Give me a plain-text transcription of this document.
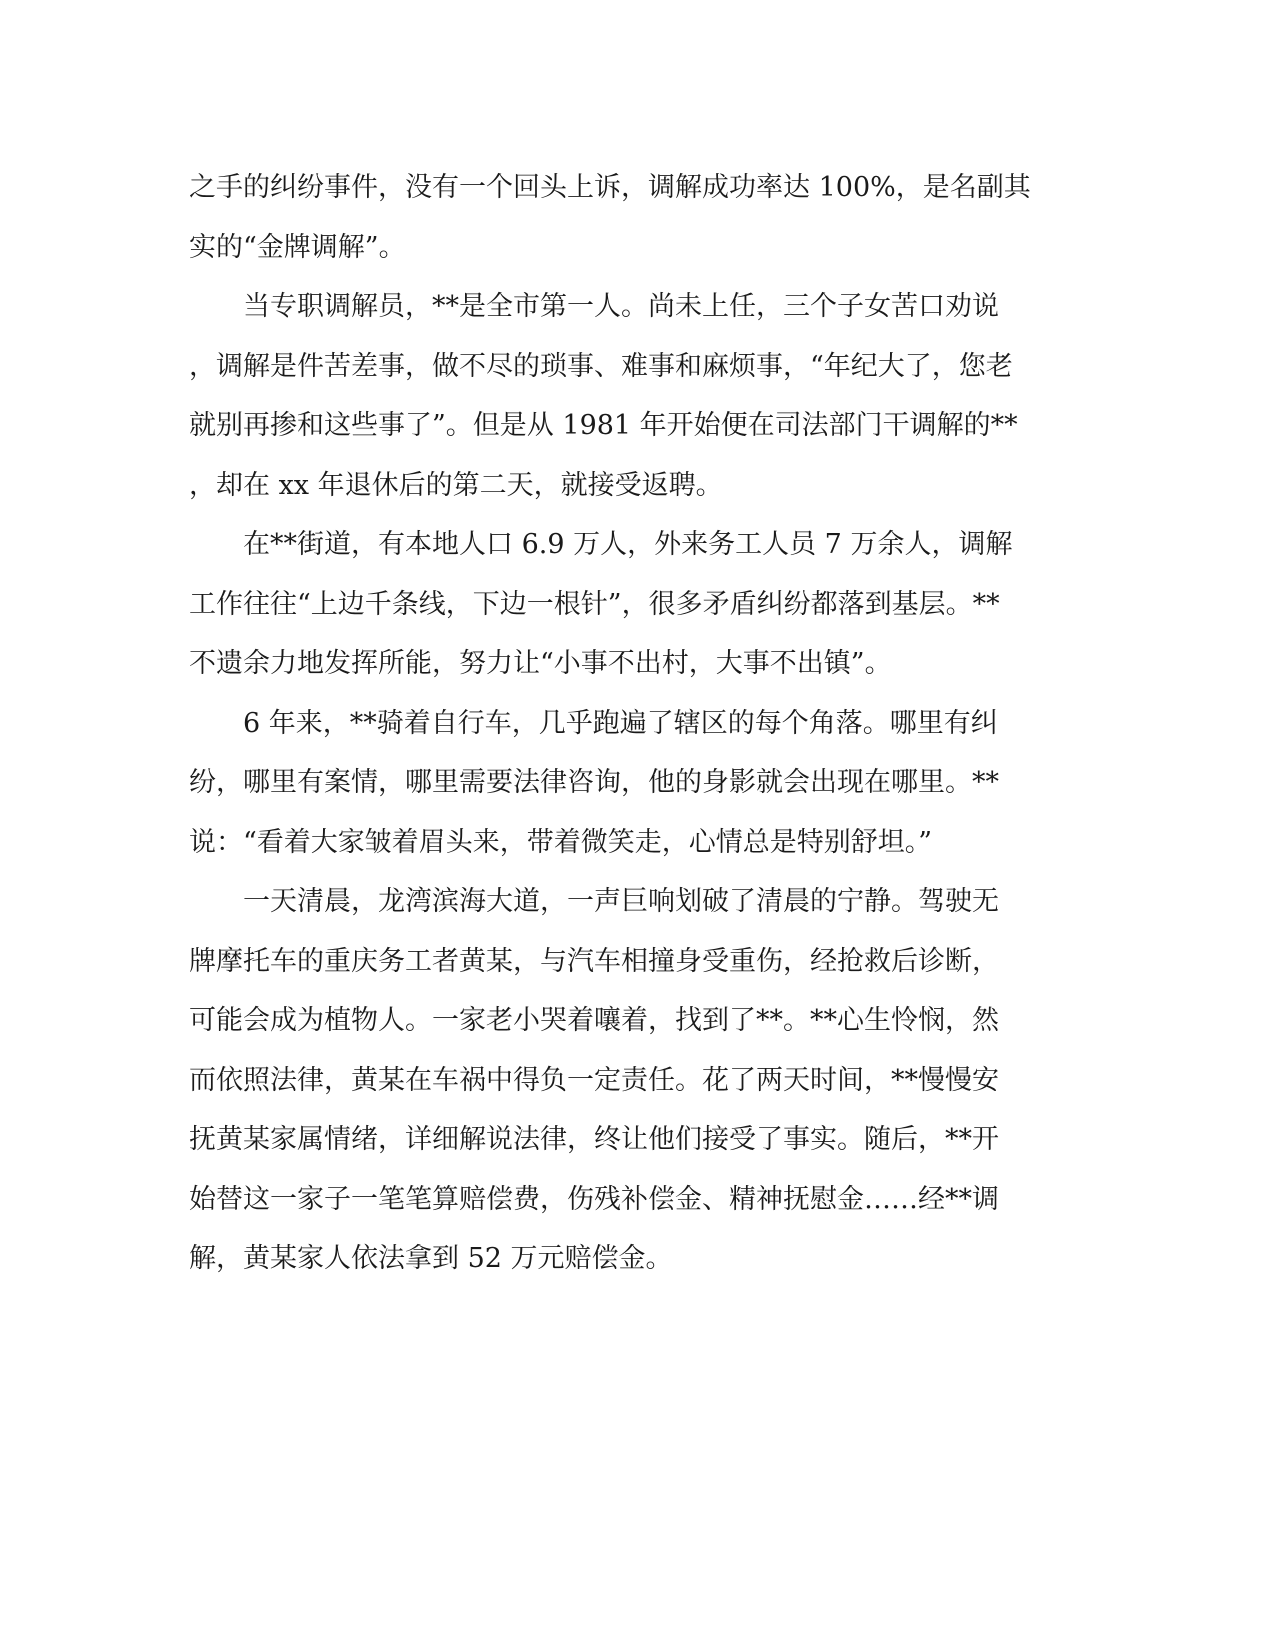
之手的纠纷事件，没有一个回头上诉，调解成功率达 100%，是名副其
实的“金牌调解”。
　　当专职调解员，**是全市第一人。尚未上任，三个子女苦口劝说
，调解是件苦差事，做不尽的琐事、难事和麻烦事，“年纪大了，您老
就别再掺和这些事了”。但是从 1981 年开始便在司法部门干调解的**
，却在 xx 年退休后的第二天，就接受返聘。
　　在**街道，有本地人口 6.9 万人，外来务工人员 7 万余人，调解
工作往往“上边千条线，下边一根针”，很多矛盾纠纷都落到基层。**
不遗余力地发挥所能，努力让“小事不出村，大事不出镇”。
　　6 年来，**骑着自行车，几乎跑遍了辖区的每个角落。哪里有纠
纷，哪里有案情，哪里需要法律咨询，他的身影就会出现在哪里。**
说：“看着大家皱着眉头来，带着微笑走，心情总是特别舒坦。”
　　一天清晨，龙湾滨海大道，一声巨响划破了清晨的宁静。驾驶无
牌摩托车的重庆务工者黄某，与汽车相撞身受重伤，经抢救后诊断，
可能会成为植物人。一家老小哭着嚷着，找到了**。**心生怜悯，然
而依照法律，黄某在车祸中得负一定责任。花了两天时间，**慢慢安
抚黄某家属情绪，详细解说法律，终让他们接受了事实。随后，**开
始替这一家子一笔笔算赔偿费，伤残补偿金、精神抚慰金……经**调
解，黄某家人依法拿到 52 万元赔偿金。
